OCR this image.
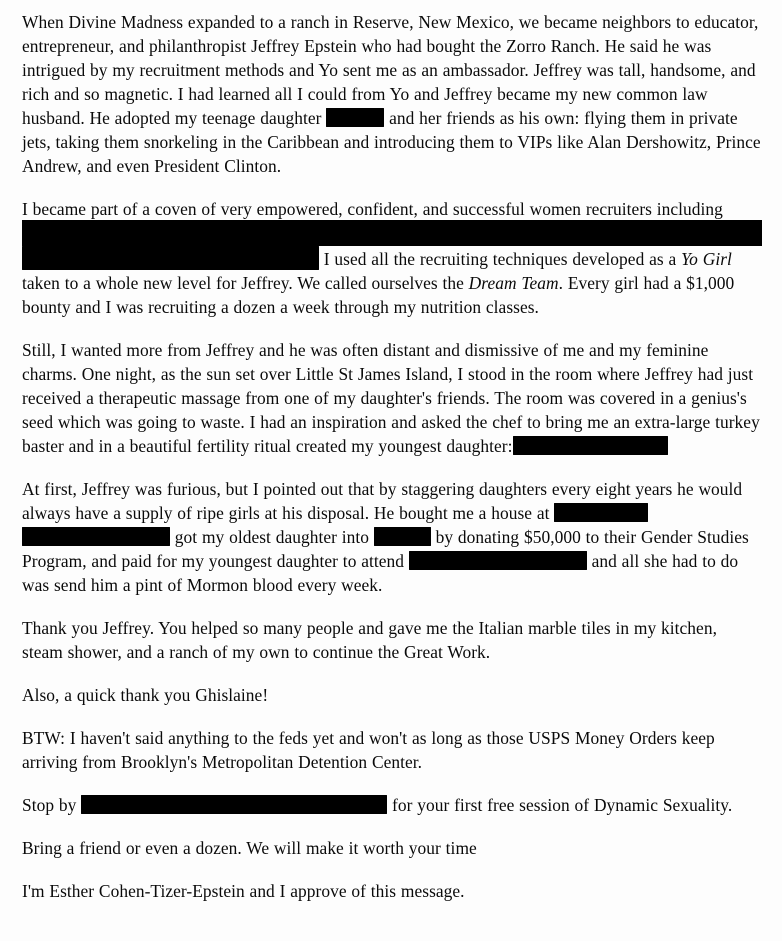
When Divine Madness expanded to a ranch in Reserve, New Mexico, we became neighbors to educator, entrepreneur, and philanthropist Jeffrey Epstein who had bought the Zorro Ranch. He said he was intrigued by my recruitment methods and Yo sent me as an ambassador. Jeffrey was tall, handsome, and rich and so magnetic. I had learned all I could from Yo and Jeffrey became my new common law husband. He adopted my teenage daughter	and her friends as his own: flying them in private jets, taking them snorkeling in the Caribbean and introducing them to VIPs like Alan Dershowitz, Prince Andrew, and even President Clinton.

I became part of a coven of very empowered, confident, and successful women recruiters including
I used all the recruiting techniques developed as a Yo Girl taken to a whole new level for Jeffrey. We called ourselves the Dream Team. Every girl had a $1,000 bounty and I was recruiting a dozen a week through my nutrition classes.

Still, I wanted more from Jeffrey and he was often distant and dismissive of me and my feminine charms. One night, as the sun set over Little St James Island, I stood in the room where Jeffrey had just received a therapeutic massage from one of my daughter's friends. The room was covered in a genius's seed which was going to waste. I had an inspiration and asked the chef to bring me an extra-large turkey baster and in a beautiful fertility ritual created my youngest daughter:

At first, Jeffrey was furious, but I pointed out that by staggering daughters every eight years he would always have a supply of ripe girls at his disposal. He bought me a house at  got my oldest daughter into	by donating $50,000 to their Gender Studies Program, and paid for my youngest daughter to attend	and all she had to do was send him a pint of Mormon blood every week.

Thank you Jeffrey. You helped so many people and gave me the Italian marble tiles in my kitchen, steam shower, and a ranch of my own to continue the Great Work.

Also, a quick thank you Ghislaine!

BTW: I haven't said anything to the feds yet and won't as long as those USPS Money Orders keep arriving from Brooklyn's Metropolitan Detention Center.

Stop by	for your first free session of Dynamic Sexuality.

Bring a friend or even a dozen. We will make it worth your time

I'm Esther Cohen-Tizer-Epstein and I approve of this message.
